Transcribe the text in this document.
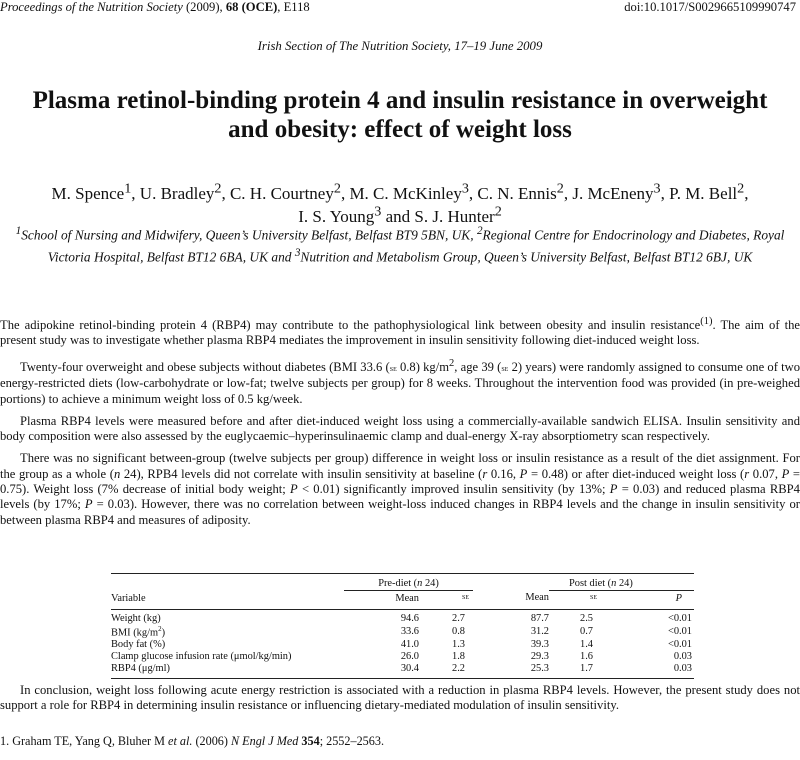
Proceedings of the Nutrition Society (2009), 68 (OCE), E118	doi:10.1017/S0029665109990747
Irish Section of The Nutrition Society, 17–19 June 2009
Plasma retinol-binding protein 4 and insulin resistance in overweight
and obesity: effect of weight loss
M. Spence$^1$, U. Bradley$^2$, C. H. Courtney$^2$, M. C. McKinley$^3$, C. N. Ennis$^2$, J. McEneny$^3$, P. M. Bell$^2$,
I. S. Young$^3$ and S. J. Hunter$^2$
$^1$School of Nursing and Midwifery, Queen’s University Belfast, Belfast BT9 5BN, UK, $^2$Regional Centre for Endocrinology and Diabetes, Royal Victoria Hospital, Belfast BT12 6BA, UK and $^3$Nutrition and Metabolism Group, Queen’s University Belfast, Belfast BT12 6BJ, UK

The adipokine retinol-binding protein 4 (RBP4) may contribute to the pathophysiological link between obesity and insulin resistance$^{(1)}$. The aim of the present study was to investigate whether plasma RBP4 mediates the improvement in insulin sensitivity following diet-induced weight loss.

Twenty-four overweight and obese subjects without diabetes (BMI 33.6 (se 0.8) $kg/m^2$, age 39 (se 2) years) were randomly assigned to consume one of two energy-restricted diets (low-carbohydrate or low-fat; twelve subjects per group) for 8 weeks. Throughout the intervention food was provided (in pre-weighed portions) to achieve a minimum weight loss of 0.5 kg/week.

Plasma RBP4 levels were measured before and after diet-induced weight loss using a commercially-available sandwich ELISA. Insulin sensitivity and body composition were also assessed by the euglycaemic–hyperinsulinaemic clamp and dual-energy X-ray absorptiometry scan respectively.

There was no significant between-group (twelve subjects per group) difference in weight loss or insulin resistance as a result of the diet assignment. For the group as a whole (n 24), RPB4 levels did not correlate with insulin sensitivity at baseline (r 0.16, P = 0.48) or after diet-induced weight loss (r 0.07, P = 0.75). Weight loss (7% decrease of initial body weight; P < 0.01) significantly improved insulin sensitivity (by 13%; P = 0.03) and reduced plasma RBP4 levels (by 17%; P = 0.03). However, there was no correlation between weight-loss induced changes in RBP4 levels and the change in insulin sensitivity or between plasma RBP4 and measures of adiposity.

	Pre-diet (n 24)			Post diet (n 24)	
Variable	Mean	se	Mean	se	P
Weight (kg)	94.6	2.7	87.7	2.5	<0.01
BMI $(kg/m^2)$	33.6	0.8	31.2	0.7	<0.01
Body fat (%)	41.0	1.3	39.3	1.4	<0.01
Clamp glucose infusion rate (μmol/kg/min)	26.0	1.8	29.3	1.6	0.03
RBP4 (μg/ml)	30.4	2.2	25.3	1.7	0.03

In conclusion, weight loss following acute energy restriction is associated with a reduction in plasma RBP4 levels. However, the present study does not support a role for RBP4 in determining insulin resistance or influencing dietary-mediated modulation of insulin sensitivity.

1. Graham TE, Yang Q, Bluher M et al. (2006) N Engl J Med 354; 2552–2563.
